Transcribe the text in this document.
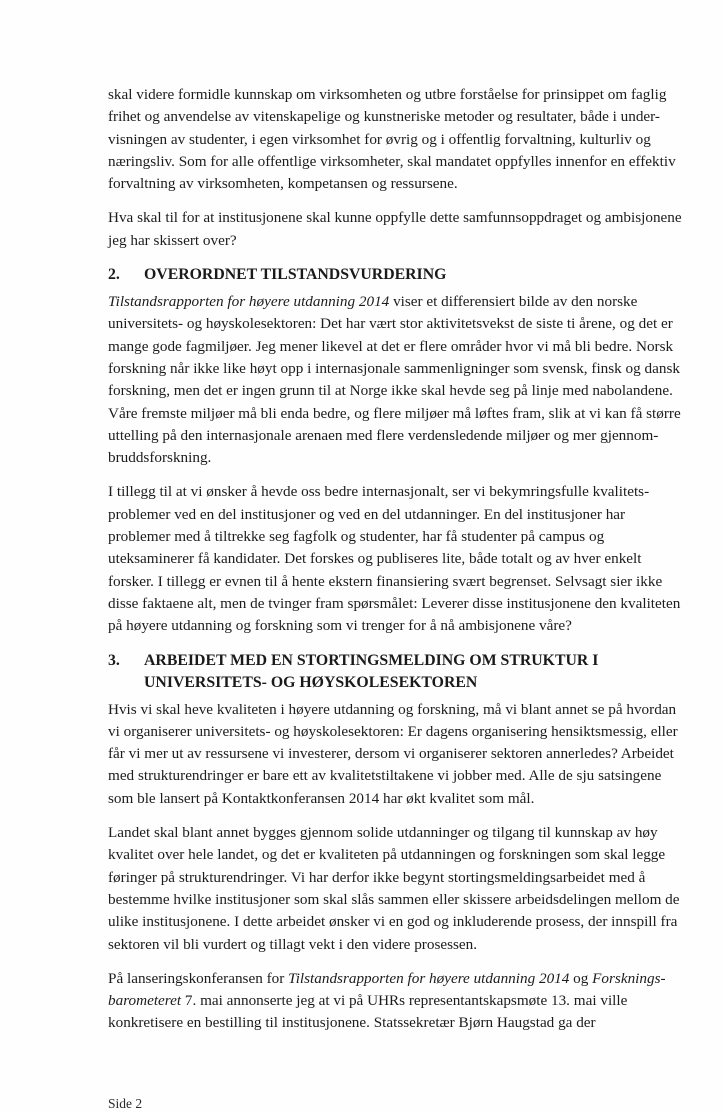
skal videre formidle kunnskap om virksomheten og utbre forståelse for prinsippet om faglig
frihet og anvendelse av vitenskapelige og kunstneriske metoder og resultater, både i under-
visningen av studenter, i egen virksomhet for øvrig og i offentlig forvaltning, kulturliv og
næringsliv. Som for alle offentlige virksomheter, skal mandatet oppfylles innenfor en effektiv
forvaltning av virksomheten, kompetansen og ressursene.
Hva skal til for at institusjonene skal kunne oppfylle dette samfunnsoppdraget og ambisjonene
jeg har skissert over?
2.	OVERORDNET TILSTANDSVURDERING
Tilstandsrapporten for høyere utdanning 2014 viser et differensiert bilde av den norske
universitets- og høyskolesektoren: Det har vært stor aktivitetsvekst de siste ti årene, og det er
mange gode fagmiljøer. Jeg mener likevel at det er flere områder hvor vi må bli bedre. Norsk
forskning når ikke like høyt opp i internasjonale sammenligninger som svensk, finsk og dansk
forskning, men det er ingen grunn til at Norge ikke skal hevde seg på linje med nabolandene.
Våre fremste miljøer må bli enda bedre, og flere miljøer må løftes fram, slik at vi kan få større
uttelling på den internasjonale arenaen med flere verdensledende miljøer og mer gjennom-
bruddsforskning.
I tillegg til at vi ønsker å hevde oss bedre internasjonalt, ser vi bekymringsfulle kvalitets-
problemer ved en del institusjoner og ved en del utdanninger. En del institusjoner har
problemer med å tiltrekke seg fagfolk og studenter, har få studenter på campus og
uteksaminerer få kandidater. Det forskes og publiseres lite, både totalt og av hver enkelt
forsker. I tillegg er evnen til å hente ekstern finansiering svært begrenset. Selvsagt sier ikke
disse faktaene alt, men de tvinger fram spørsmålet: Leverer disse institusjonene den kvaliteten
på høyere utdanning og forskning som vi trenger for å nå ambisjonene våre?
3.	ARBEIDET MED EN STORTINGSMELDING OM STRUKTUR I
UNIVERSITETS- OG HØYSKOLESEKTOREN
Hvis vi skal heve kvaliteten i høyere utdanning og forskning, må vi blant annet se på hvordan
vi organiserer universitets- og høyskolesektoren: Er dagens organisering hensiktsmessig, eller
får vi mer ut av ressursene vi investerer, dersom vi organiserer sektoren annerledes? Arbeidet
med strukturendringer er bare ett av kvalitetstiltakene vi jobber med. Alle de sju satsingene
som ble lansert på Kontaktkonferansen 2014 har økt kvalitet som mål.
Landet skal blant annet bygges gjennom solide utdanninger og tilgang til kunnskap av høy
kvalitet over hele landet, og det er kvaliteten på utdanningen og forskningen som skal legge
føringer på strukturendringer. Vi har derfor ikke begynt stortingsmeldingsarbeidet med å
bestemme hvilke institusjoner som skal slås sammen eller skissere arbeidsdelingen mellom de
ulike institusjonene. I dette arbeidet ønsker vi en god og inkluderende prosess, der innspill fra
sektoren vil bli vurdert og tillagt vekt i den videre prosessen.
På lanseringskonferansen for Tilstandsrapporten for høyere utdanning 2014 og Forsknings-
barometeret 7. mai annonserte jeg at vi på UHRs representantskapsmøte 13. mai ville
konkretisere en bestilling til institusjonene. Statssekretær Bjørn Haugstad ga der
Side 2
